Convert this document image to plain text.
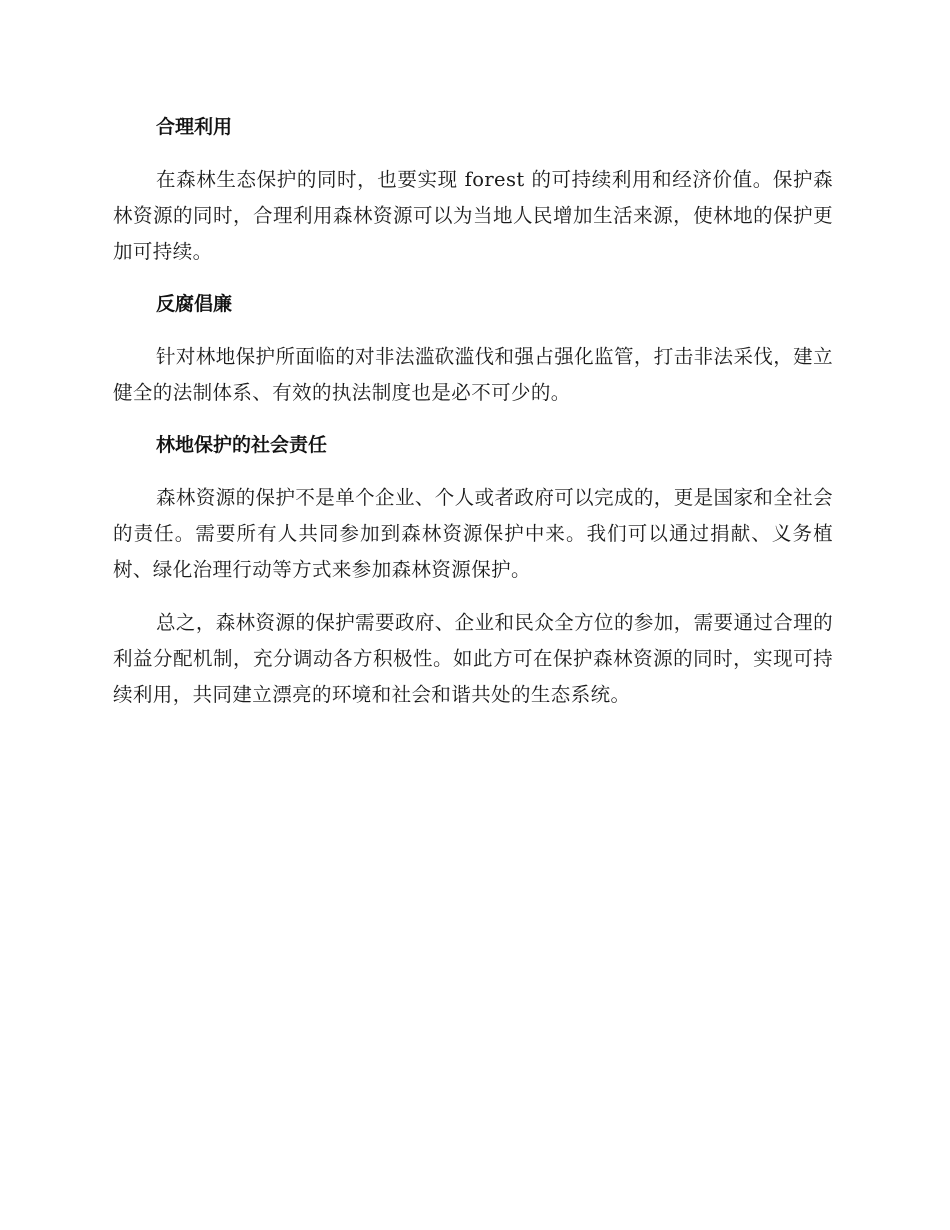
合理利用

在森林生态保护的同时，也要实现 forest 的可持续利用和经济价值。保护森林资源的同时，合理利用森林资源可以为当地人民增加生活来源，使林地的保护更加可持续。

反腐倡廉

针对林地保护所面临的对非法滥砍滥伐和强占强化监管，打击非法采伐，建立健全的法制体系、有效的执法制度也是必不可少的。

林地保护的社会责任

森林资源的保护不是单个企业、个人或者政府可以完成的，更是国家和全社会的责任。需要所有人共同参加到森林资源保护中来。我们可以通过捐献、义务植树、绿化治理行动等方式来参加森林资源保护。

总之，森林资源的保护需要政府、企业和民众全方位的参加，需要通过合理的利益分配机制，充分调动各方积极性。如此方可在保护森林资源的同时，实现可持续利用，共同建立漂亮的环境和社会和谐共处的生态系统。
